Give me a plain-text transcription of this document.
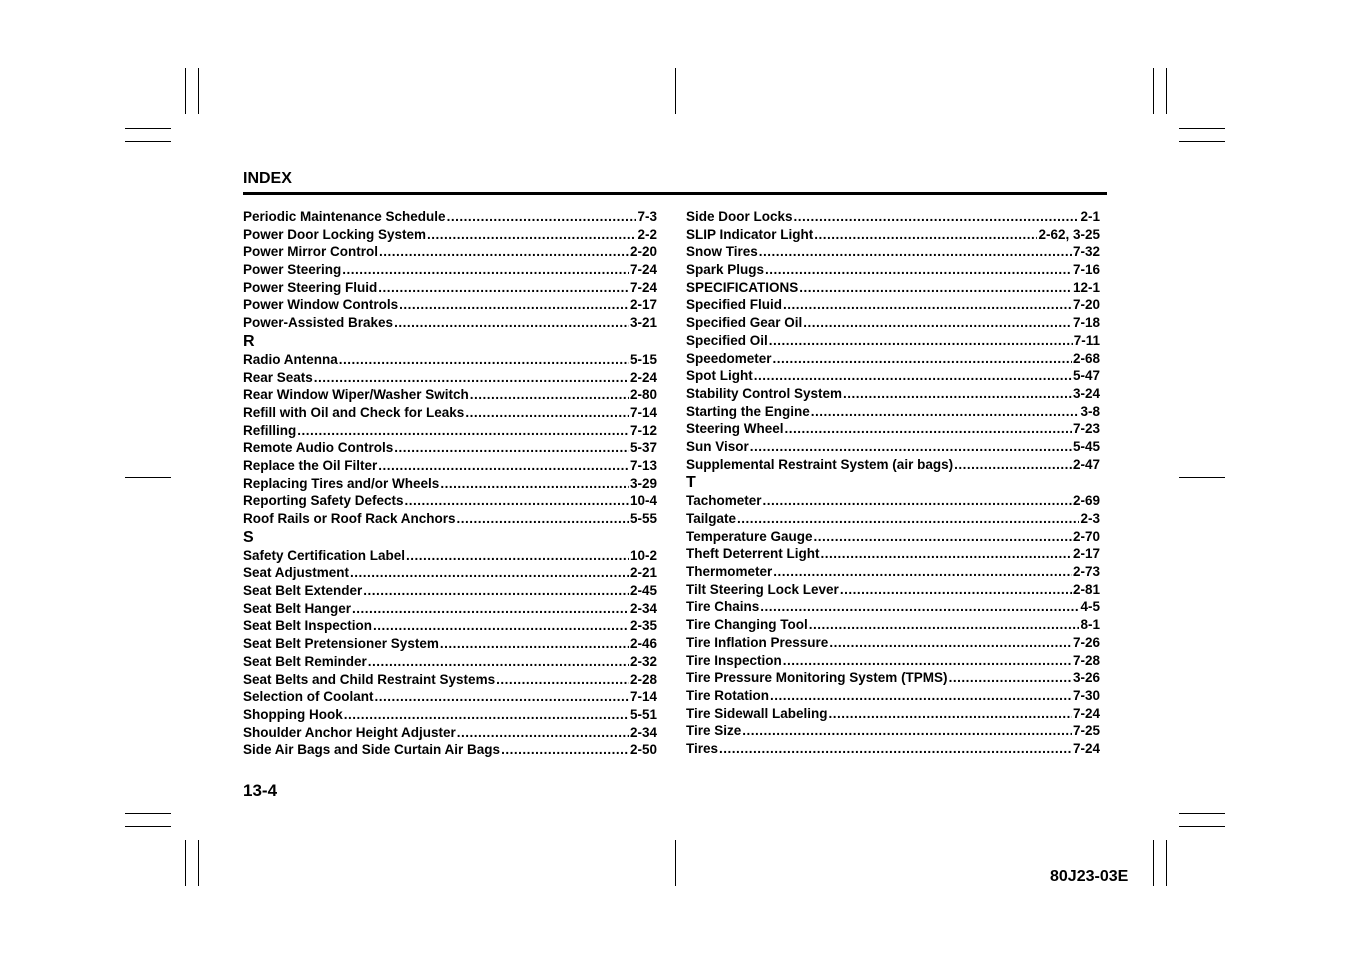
INDEX
Periodic Maintenance Schedule .....	7-3
Power Door Locking System .....	2-2
Power Mirror Control .....	2-20
Power Steering .....	7-24
Power Steering Fluid .....	7-24
Power Window Controls .....	2-17
Power-Assisted Brakes .....	3-21
R
Radio Antenna .....	5-15
Rear Seats .....	2-24
Rear Window Wiper/Washer Switch .....	2-80
Refill with Oil and Check for Leaks .....	7-14
Refilling .....	7-12
Remote Audio Controls .....	5-37
Replace the Oil Filter .....	7-13
Replacing Tires and/or Wheels .....	3-29
Reporting Safety Defects .....	10-4
Roof Rails or Roof Rack Anchors .....	5-55
S
Safety Certification Label .....	10-2
Seat Adjustment .....	2-21
Seat Belt Extender .....	2-45
Seat Belt Hanger .....	2-34
Seat Belt Inspection .....	2-35
Seat Belt Pretensioner System .....	2-46
Seat Belt Reminder .....	2-32
Seat Belts and Child Restraint Systems .....	2-28
Selection of Coolant .....	7-14
Shopping Hook .....	5-51
Shoulder Anchor Height Adjuster .....	2-34
Side Air Bags and Side Curtain Air Bags .....	2-50
Side Door Locks .....	2-1
SLIP Indicator Light .....	2-62, 3-25
Snow Tires .....	7-32
Spark Plugs .....	7-16
SPECIFICATIONS .....	12-1
Specified Fluid .....	7-20
Specified Gear Oil .....	7-18
Specified Oil .....	7-11
Speedometer .....	2-68
Spot Light .....	5-47
Stability Control System .....	3-24
Starting the Engine .....	3-8
Steering Wheel .....	7-23
Sun Visor .....	5-45
Supplemental Restraint System (air bags) .....	2-47
T
Tachometer .....	2-69
Tailgate .....	2-3
Temperature Gauge .....	2-70
Theft Deterrent Light .....	2-17
Thermometer .....	2-73
Tilt Steering Lock Lever .....	2-81
Tire Chains .....	4-5
Tire Changing Tool .....	8-1
Tire Inflation Pressure .....	7-26
Tire Inspection .....	7-28
Tire Pressure Monitoring System (TPMS) .....	3-26
Tire Rotation .....	7-30
Tire Sidewall Labeling .....	7-24
Tire Size .....	7-25
Tires .....	7-24
13-4
80J23-03E
